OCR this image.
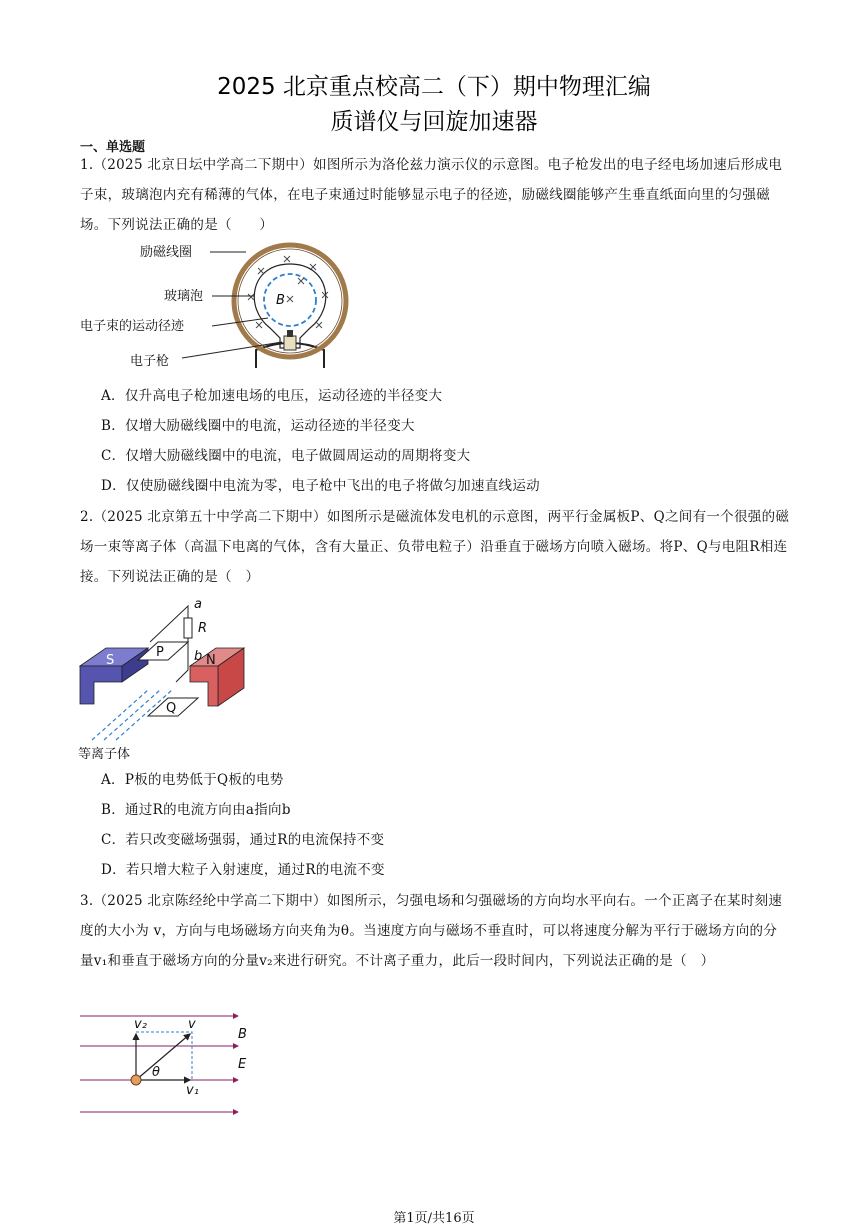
2025 北京重点校高二（下）期中物理汇编
质谱仪与回旋加速器
一、单选题
1.（2025 北京日坛中学高二下期中）如图所示为洛伦兹力演示仪的示意图。电子枪发出的电子经电场加速后形成电子束，玻璃泡内充有稀薄的气体，在电子束通过时能够显示电子的径迹，励磁线圈能够产生垂直纸面向里的匀强磁场。下列说法正确的是（　　）
B
励磁线圈
玻璃泡
电子束的运动径迹
电子枪
A．仅升高电子枪加速电场的电压，运动径迹的半径变大
B．仅增大励磁线圈中的电流，运动径迹的半径变大
C．仅增大励磁线圈中的电流，电子做圆周运动的周期将变大
D．仅使励磁线圈中电流为零，电子枪中飞出的电子将做匀加速直线运动
2.（2025 北京第五十中学高二下期中）如图所示是磁流体发电机的示意图，两平行金属板P、Q之间有一个很强的磁场一束等离子体（高温下电离的气体，含有大量正、负带电粒子）沿垂直于磁场方向喷入磁场。将P、Q与电阻R相连接。下列说法正确的是（　）
a
R
b
S	N
P
Q
等离子体
A．P板的电势低于Q板的电势
B．通过R的电流方向由a指向b
C．若只改变磁场强弱，通过R的电流保持不变
D．若只增大粒子入射速度，通过R的电流不变
3.（2025 北京陈经纶中学高二下期中）如图所示，匀强电场和匀强磁场的方向均水平向右。一个正离子在某时刻速度的大小为 v，方向与电场磁场方向夹角为θ。当速度方向与磁场不垂直时，可以将速度分解为平行于磁场方向的分量v₁和垂直于磁场方向的分量v₂来进行研究。不计离子重力，此后一段时间内，下列说法正确的是（　）
v₂	v
B
E
θ
v₁
第1页/共16页
